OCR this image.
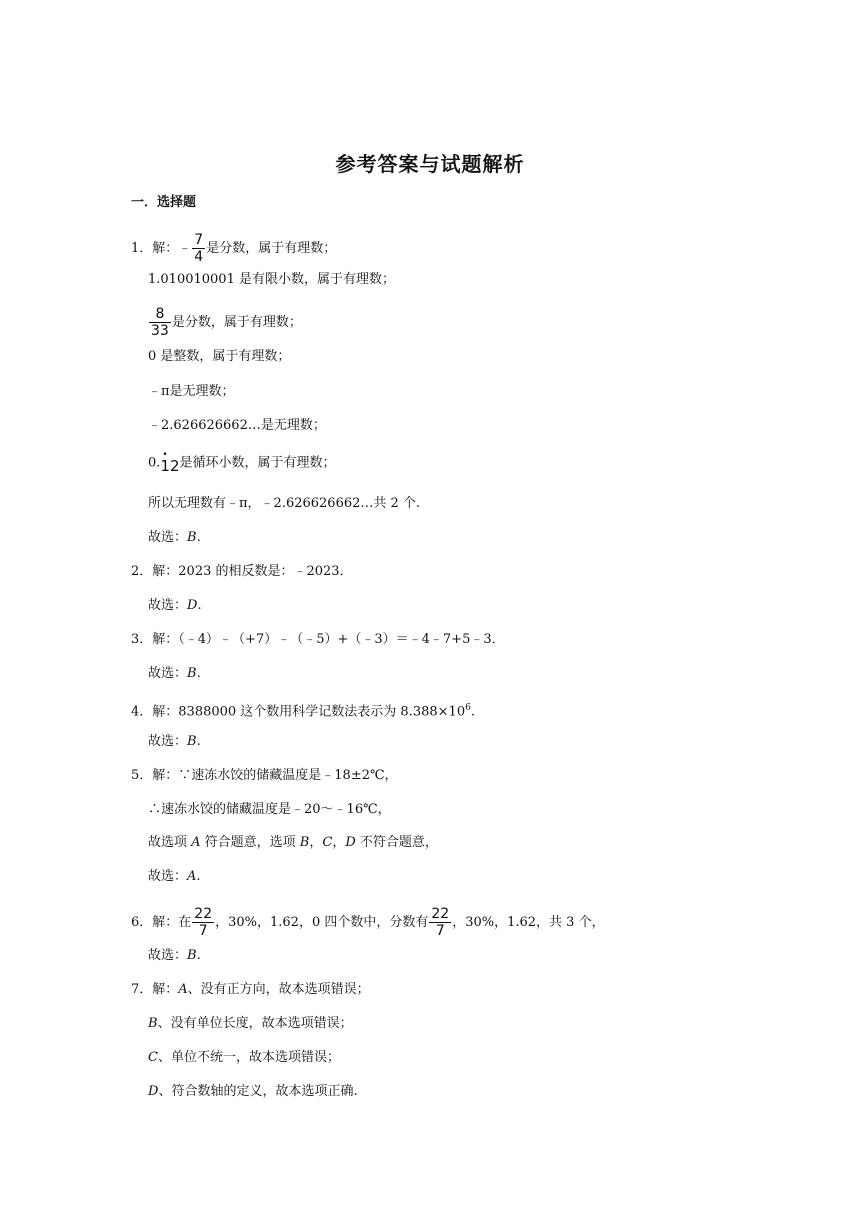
参考答案与试题解析
一．选择题
1．解：﹣ $\frac{7}{4}$ 是分数，属于有理数；
1.010010001 是有限小数，属于有理数；
$\frac{8}{33}$ 是分数，属于有理数；
0 是整数，属于有理数；
﹣π是无理数；
﹣2.626626662…是无理数；
0.• 12是循环小数，属于有理数；
所以无理数有﹣π，﹣2.626626662…共 2 个.
故选：B.
2．解：2023 的相反数是：﹣2023．
故选：D.
3．解：（﹣4）﹣（+7）﹣（﹣5）+（﹣3）＝﹣4﹣7+5﹣3．
故选：B.
4．解：8388000 这个数用科学记数法表示为 $8.388\times 10^6$.
故选：B.
5．解：∵速冻水饺的储藏温度是﹣18±2℃，
∴速冻水饺的储藏温度是﹣20～﹣16℃，
故选项 A 符合题意，选项 B，C，D 不符合题意，
故选：A.
6．解：在 $\frac{22}{7}$ ，30%，1.62，0 四个数中，分数有 $\frac{22}{7}$ ，30%，1.62，共 3 个，
故选：B.
7．解：A、没有正方向，故本选项错误；
B、没有单位长度，故本选项错误；
C、单位不统一，故本选项错误；
D、符合数轴的定义，故本选项正确.
